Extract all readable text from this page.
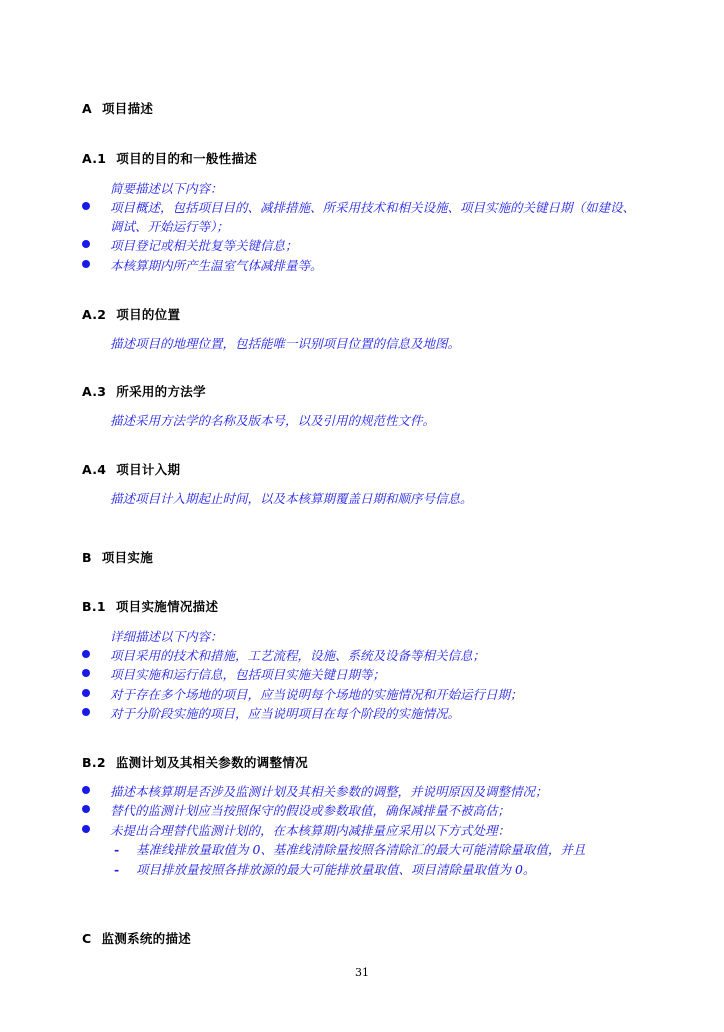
A 项目描述
A.1 项目的目的和一般性描述
简要描述以下内容：
项目概述，包括项目目的、减排措施、所采用技术和相关设施、项目实施的关键日期（如建设、
调试、开始运行等）；
项目登记或相关批复等关键信息；
本核算期内所产生温室气体减排量等。
A.2 项目的位置
描述项目的地理位置，包括能唯一识别项目位置的信息及地图。
A.3 所采用的方法学
描述采用方法学的名称及版本号，以及引用的规范性文件。
A.4 项目计入期
描述项目计入期起止时间，以及本核算期覆盖日期和顺序号信息。
B 项目实施
B.1 项目实施情况描述
详细描述以下内容：
项目采用的技术和措施，工艺流程，设施、系统及设备等相关信息；
项目实施和运行信息，包括项目实施关键日期等；
对于存在多个场地的项目，应当说明每个场地的实施情况和开始运行日期；
对于分阶段实施的项目，应当说明项目在每个阶段的实施情况。
B.2 监测计划及其相关参数的调整情况
描述本核算期是否涉及监测计划及其相关参数的调整，并说明原因及调整情况；
替代的监测计划应当按照保守的假设或参数取值，确保减排量不被高估；
未提出合理替代监测计划的，在本核算期内减排量应采用以下方式处理：
- 基准线排放量取值为 0、基准线清除量按照各清除汇的最大可能清除量取值，并且
- 项目排放量按照各排放源的最大可能排放量取值、项目清除量取值为 0。
C 监测系统的描述
31
